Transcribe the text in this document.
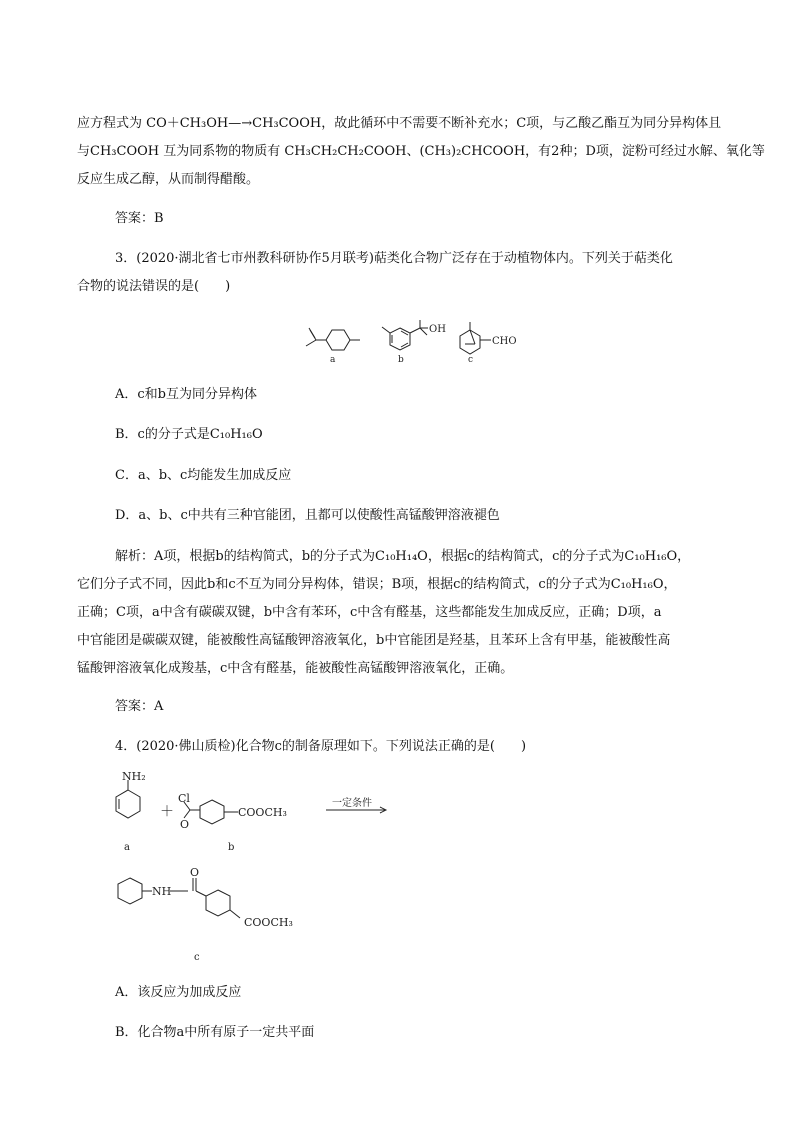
应方程式为 CO＋CH₃OH—→CH₃COOH，故此循环中不需要不断补充水；C项，与乙酸乙酯互为同分异构体且
与CH₃COOH 互为同系物的物质有 CH₃CH₂CH₂COOH、(CH₃)₂CHCOOH，有2种；D项，淀粉可经过水解、氧化等
反应生成乙醇，从而制得醋酸。
答案：B
3．(2020·湖北省七市州教科研协作5月联考)萜类化合物广泛存在于动植物体内。下列关于萜类化
合物的说法错误的是(　　)
OH
CHO
a	b	c
A．c和b互为同分异构体
B．c的分子式是C₁₀H₁₆O
C．a、b、c均能发生加成反应
D．a、b、c中共有三种官能团，且都可以使酸性高锰酸钾溶液褪色
解析：A项，根据b的结构简式，b的分子式为C₁₀H₁₄O，根据c的结构简式，c的分子式为C₁₀H₁₆O，
它们分子式不同，因此b和c不互为同分异构体，错误；B项，根据c的结构简式，c的分子式为C₁₀H₁₆O，
正确；C项，a中含有碳碳双键，b中含有苯环，c中含有醛基，这些都能发生加成反应，正确；D项，a
中官能团是碳碳双键，能被酸性高锰酸钾溶液氧化，b中官能团是羟基，且苯环上含有甲基，能被酸性高
锰酸钾溶液氧化成羧基，c中含有醛基，能被酸性高锰酸钾溶液氧化，正确。
答案：A
4．(2020·佛山质检)化合物c的制备原理如下。下列说法正确的是(　　)
NH₂
Cl
O
COOCH₃
＋
一定条件
NH
O
COOCH₃
a	b
c
A．该反应为加成反应
B．化合物a中所有原子一定共平面
